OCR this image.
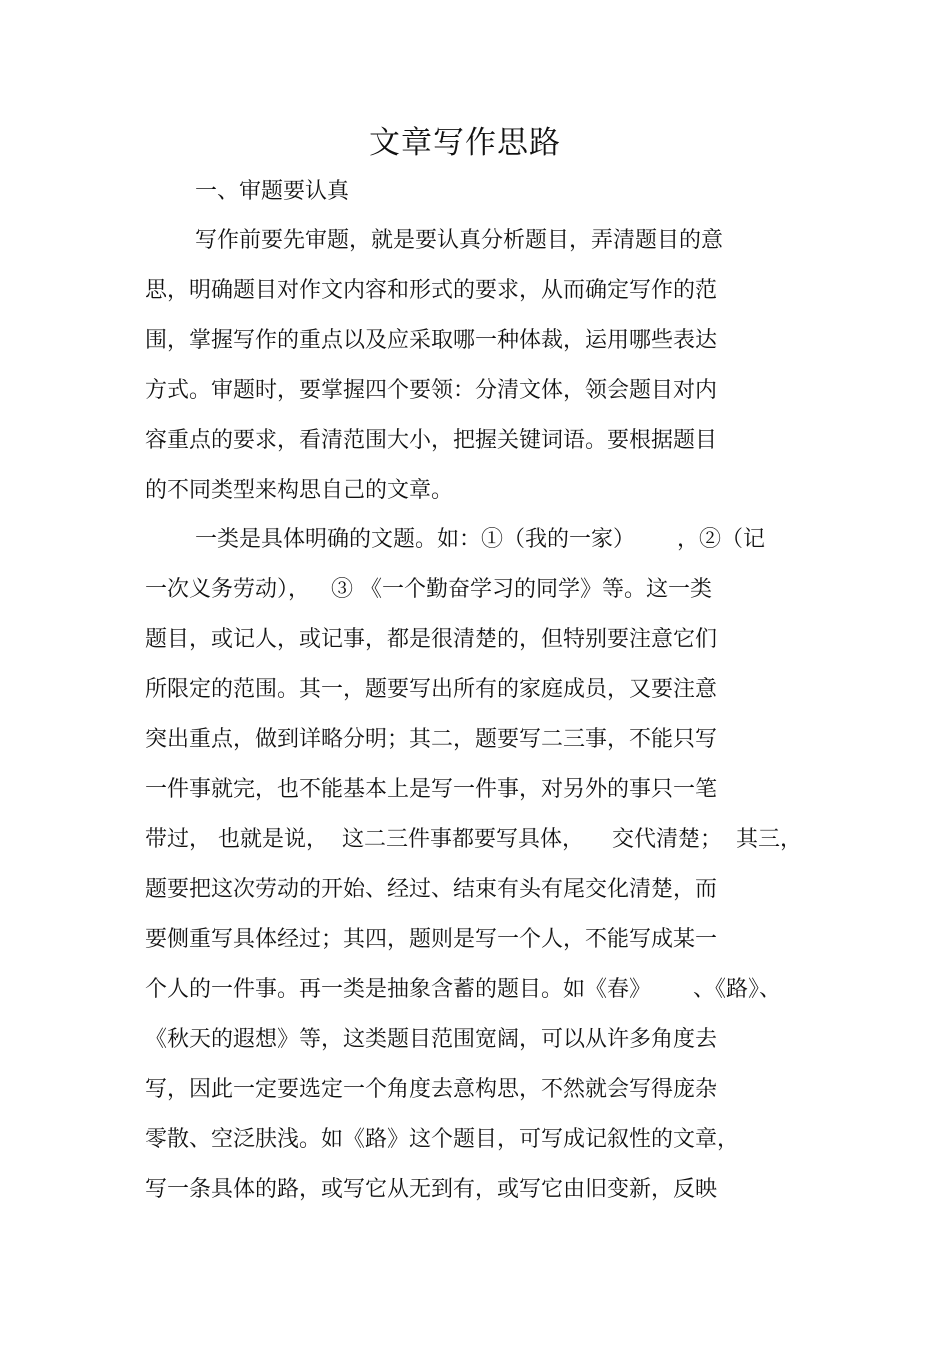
文章写作思路
一、审题要认真
写作前要先审题，就是要认真分析题目，弄清题目的意
思，明确题目对作文内容和形式的要求，从而确定写作的范
围，掌握写作的重点以及应采取哪一种体裁，运用哪些表达
方式。审题时，要掌握四个要领：分清文体，领会题目对内
容重点的要求，看清范围大小，把握关键词语。要根据题目
的不同类型来构思自己的文章。
一类是具体明确的文题。如：①（我的一家）      ，②（记
一次义务劳动），   ③ 《一个勤奋学习的同学》等。这一类
题目，或记人，或记事，都是很清楚的，但特别要注意它们
所限定的范围。其一，题要写出所有的家庭成员，又要注意
突出重点，做到详略分明；其二，题要写二三事，不能只写
一件事就完，也不能基本上是写一件事，对另外的事只一笔
带过， 也就是说，  这二三件事都要写具体，    交代清楚；  其三，
题要把这次劳动的开始、经过、结束有头有尾交化清楚，而
要侧重写具体经过；其四，题则是写一个人，不能写成某一
个人的一件事。再一类是抽象含蓄的题目。如《春》      、《路》、
《秋天的遐想》等，这类题目范围宽阔，可以从许多角度去
写，因此一定要选定一个角度去意构思，不然就会写得庞杂
零散、空泛肤浅。如《路》这个题目，可写成记叙性的文章，
写一条具体的路，或写它从无到有，或写它由旧变新，反映
